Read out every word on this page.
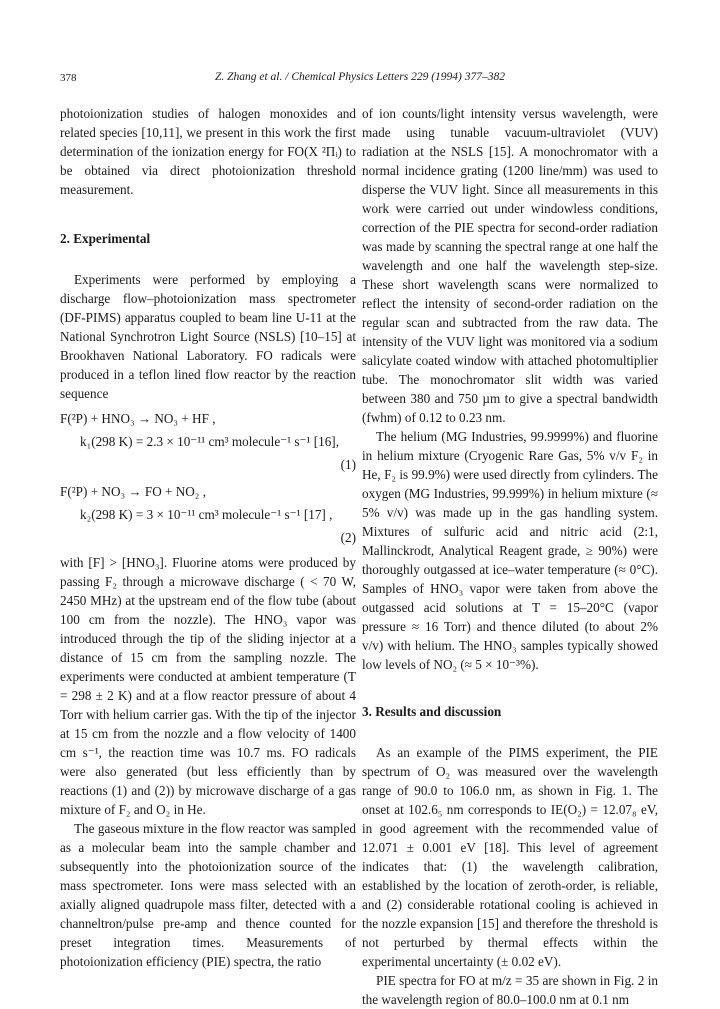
378	Z. Zhang et al. / Chemical Physics Letters 229 (1994) 377–382

photoionization studies of halogen monoxides and related species [10,11], we present in this work the first determination of the ionization energy for FO(X ²Πᵢ) to be obtained via direct photoionization threshold measurement.

2. Experimental

Experiments were performed by employing a discharge flow–photoionization mass spectrometer (DF-PIMS) apparatus coupled to beam line U-11 at the National Synchrotron Light Source (NSLS) [10–15] at Brookhaven National Laboratory. FO radicals were produced in a teflon lined flow reactor by the reaction sequence

F(²P) + HNO₃ → NO₃ + HF ,
k₁(298 K) = 2.3 × 10⁻¹¹ cm³ molecule⁻¹ s⁻¹ [16],
(1)
F(²P) + NO₃ → FO + NO₂ ,
k₂(298 K) = 3 × 10⁻¹¹ cm³ molecule⁻¹ s⁻¹ [17] ,
(2)

with [F] > [HNO₃]. Fluorine atoms were produced by passing F₂ through a microwave discharge ( < 70 W, 2450 MHz) at the upstream end of the flow tube (about 100 cm from the nozzle). The HNO₃ vapor was introduced through the tip of the sliding injector at a distance of 15 cm from the sampling nozzle. The experiments were conducted at ambient temperature (T = 298 ± 2 K) and at a flow reactor pressure of about 4 Torr with helium carrier gas. With the tip of the injector at 15 cm from the nozzle and a flow velocity of 1400 cm s⁻¹, the reaction time was 10.7 ms. FO radicals were also generated (but less efficiently than by reactions (1) and (2)) by microwave discharge of a gas mixture of F₂ and O₂ in He.

The gaseous mixture in the flow reactor was sampled as a molecular beam into the sample chamber and subsequently into the photoionization source of the mass spectrometer. Ions were mass selected with an axially aligned quadrupole mass filter, detected with a channeltron/pulse pre-amp and thence counted for preset integration times. Measurements of photoionization efficiency (PIE) spectra, the ratio

of ion counts/light intensity versus wavelength, were made using tunable vacuum-ultraviolet (VUV) radiation at the NSLS [15]. A monochromator with a normal incidence grating (1200 line/mm) was used to disperse the VUV light. Since all measurements in this work were carried out under windowless conditions, correction of the PIE spectra for second-order radiation was made by scanning the spectral range at one half the wavelength and one half the wavelength step-size. These short wavelength scans were normalized to reflect the intensity of second-order radiation on the regular scan and subtracted from the raw data. The intensity of the VUV light was monitored via a sodium salicylate coated window with attached photomultiplier tube. The monochromator slit width was varied between 380 and 750 µm to give a spectral bandwidth (fwhm) of 0.12 to 0.23 nm.

The helium (MG Industries, 99.9999%) and fluorine in helium mixture (Cryogenic Rare Gas, 5% v/v F₂ in He, F₂ is 99.9%) were used directly from cylinders. The oxygen (MG Industries, 99.999%) in helium mixture (≈ 5% v/v) was made up in the gas handling system. Mixtures of sulfuric acid and nitric acid (2:1, Mallinckrodt, Analytical Reagent grade, ≥ 90%) were thoroughly outgassed at ice–water temperature (≈ 0°C). Samples of HNO₃ vapor were taken from above the outgassed acid solutions at T = 15–20°C (vapor pressure ≈ 16 Torr) and thence diluted (to about 2% v/v) with helium. The HNO₃ samples typically showed low levels of NO₂ (≈ 5 × 10⁻³%).

3. Results and discussion

As an example of the PIMS experiment, the PIE spectrum of O₂ was measured over the wavelength range of 90.0 to 106.0 nm, as shown in Fig. 1. The onset at 102.6₅ nm corresponds to IE(O₂) = 12.07₈ eV, in good agreement with the recommended value of 12.071 ± 0.001 eV [18]. This level of agreement indicates that: (1) the wavelength calibration, established by the location of zeroth-order, is reliable, and (2) considerable rotational cooling is achieved in the nozzle expansion [15] and therefore the threshold is not perturbed by thermal effects within the experimental uncertainty (± 0.02 eV).

PIE spectra for FO at m/z = 35 are shown in Fig. 2 in the wavelength region of 80.0–100.0 nm at 0.1 nm
